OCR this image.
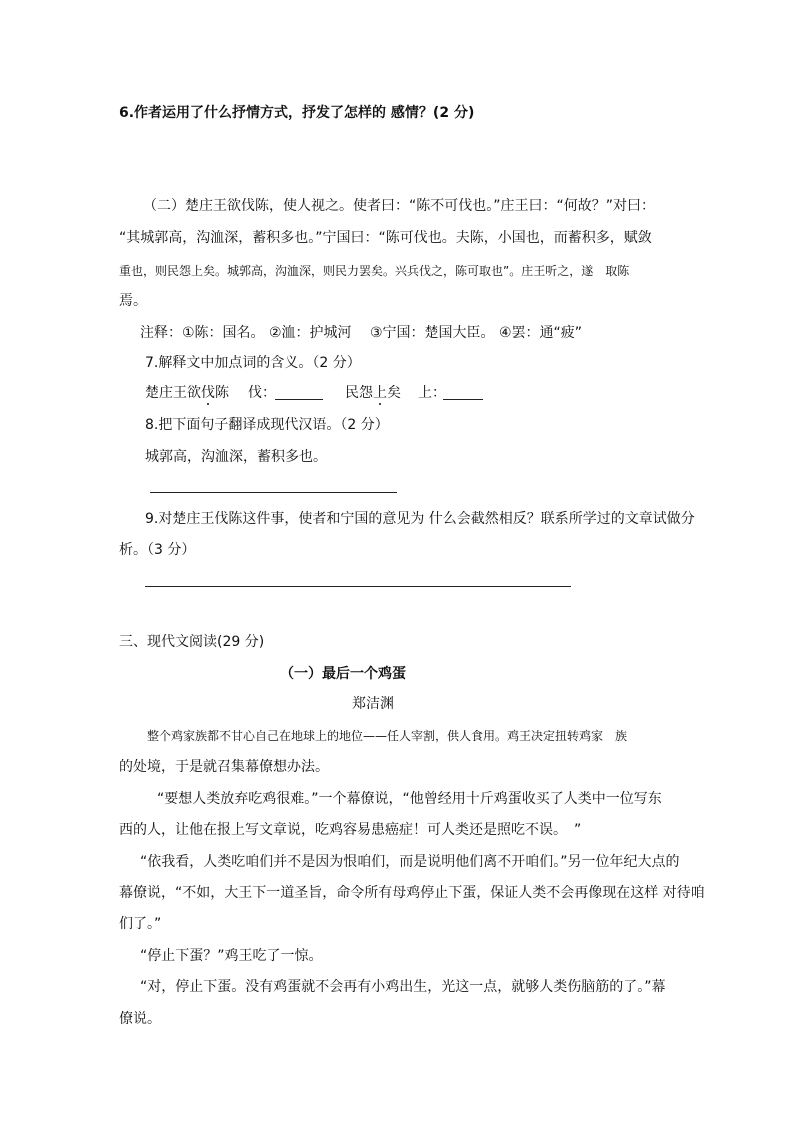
6.作者运用了什么抒情方式，抒发了怎样的 感情？(2 分)
（二）楚庄王欲伐陈，使人视之。使者曰：“陈不可伐也。”庄王曰：“何故？”对曰：
“其城郭高，沟洫深，蓄积多也。”宁国曰：“陈可伐也。夫陈，小国也，而蓄积多，赋敛
重也，则民怨上矣。城郭高，沟洫深，则民力罢矣。兴兵伐之，陈可取也”。庄王听之，遂　取陈
焉。
注释：①陈：国名。 ②洫：护城河　 ③宁国：楚国大臣。 ④罢：通“疲”
7.解释文中加点词的含义。（2 分）
楚庄王欲伐陈 伐：	民怨上矣 上：
8.把下面句子翻译成现代汉语。（2 分）
城郭高，沟洫深，蓄积多也。
9.对楚庄王伐陈这件事，使者和宁国的意见为 什么会截然相反？联系所学过的文章试做分
析。（3 分）
三、现代文阅读(29 分)
（一）最后一个鸡蛋
郑洁渊
整个鸡家族都不甘心自己在地球上的地位——任人宰割，供人食用。鸡王决定扭转鸡家　族
的处境，于是就召集幕僚想办法。
“要想人类放弃吃鸡很难。”一个幕僚说，“他曾经用十斤鸡蛋收买了人类中一位写东
西的人，让他在报上写文章说，吃鸡容易患癌症！可人类还是照吃不误。　”
“依我看，人类吃咱们并不是因为恨咱们，而是说明他们离不开咱们。”另一位年纪大点的
幕僚说，“不如，大王下一道圣旨，命令所有母鸡停止下蛋，保证人类不会再像现在这样 对待咱
们了。”
“停止下蛋？”鸡王吃了一惊。
“对，停止下蛋。没有鸡蛋就不会再有小鸡出生，光这一点，就够人类伤脑筋的了。”幕
僚说。
